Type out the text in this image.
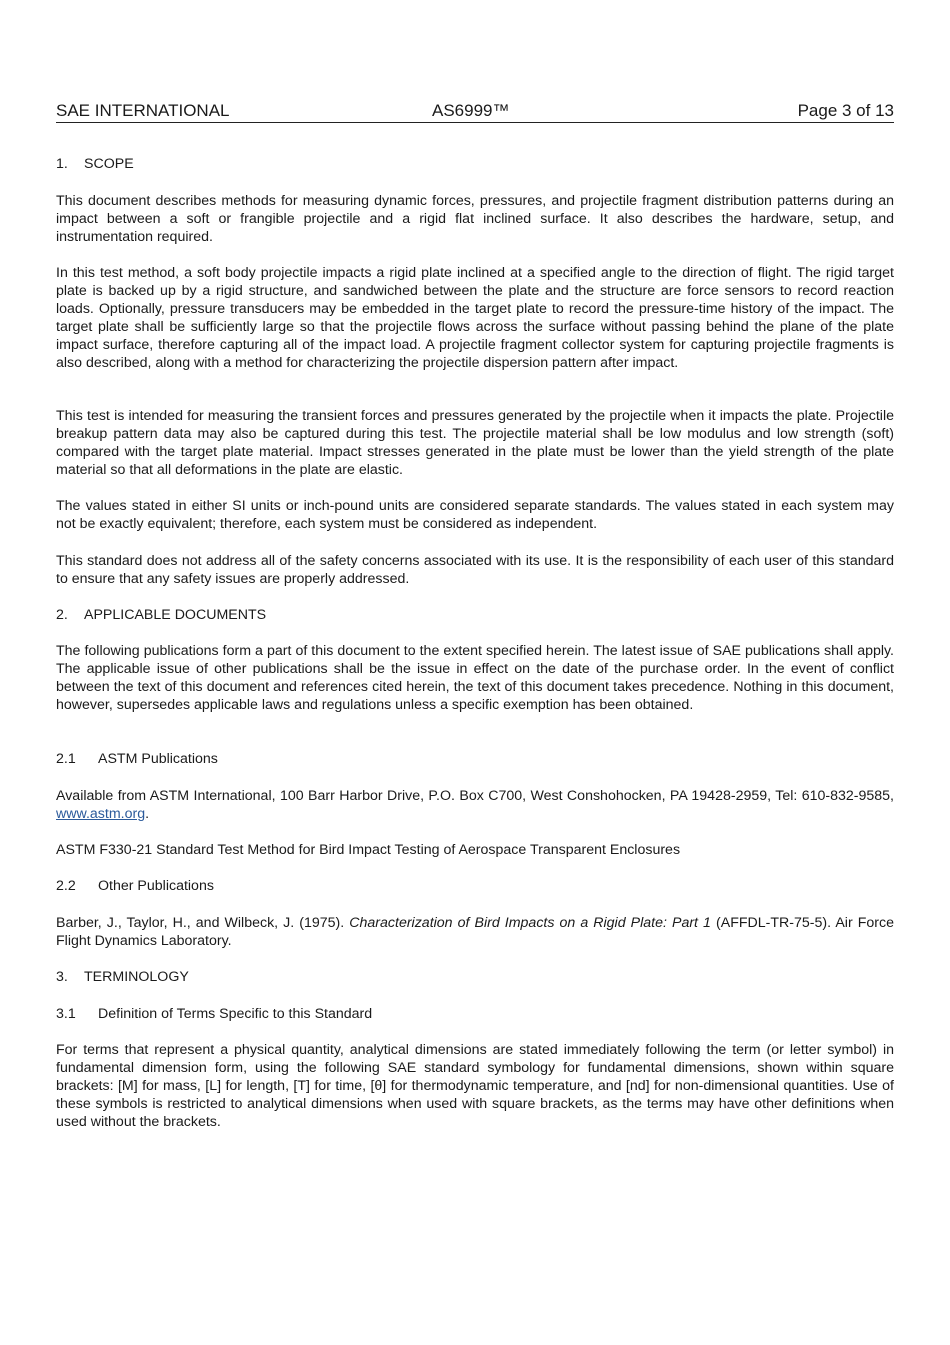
SAE INTERNATIONAL	AS6999™	Page 3 of 13
1. SCOPE

This document describes methods for measuring dynamic forces, pressures, and projectile fragment distribution patterns during an impact between a soft or frangible projectile and a rigid flat inclined surface. It also describes the hardware, setup, and instrumentation required.

In this test method, a soft body projectile impacts a rigid plate inclined at a specified angle to the direction of flight. The rigid target plate is backed up by a rigid structure, and sandwiched between the plate and the structure are force sensors to record reaction loads. Optionally, pressure transducers may be embedded in the target plate to record the pressure-time history of the impact. The target plate shall be sufficiently large so that the projectile flows across the surface without passing behind the plane of the plate impact surface, therefore capturing all of the impact load. A projectile fragment collector system for capturing projectile fragments is also described, along with a method for characterizing the projectile dispersion pattern after impact.

This test is intended for measuring the transient forces and pressures generated by the projectile when it impacts the plate. Projectile breakup pattern data may also be captured during this test. The projectile material shall be low modulus and low strength (soft) compared with the target plate material. Impact stresses generated in the plate must be lower than the yield strength of the plate material so that all deformations in the plate are elastic.

The values stated in either SI units or inch-pound units are considered separate standards. The values stated in each system may not be exactly equivalent; therefore, each system must be considered as independent.

This standard does not address all of the safety concerns associated with its use. It is the responsibility of each user of this standard to ensure that any safety issues are properly addressed.

2. APPLICABLE DOCUMENTS

The following publications form a part of this document to the extent specified herein. The latest issue of SAE publications shall apply. The applicable issue of other publications shall be the issue in effect on the date of the purchase order. In the event of conflict between the text of this document and references cited herein, the text of this document takes precedence. Nothing in this document, however, supersedes applicable laws and regulations unless a specific exemption has been obtained.

2.1 ASTM Publications

Available from ASTM International, 100 Barr Harbor Drive, P.O. Box C700, West Conshohocken, PA 19428-2959, Tel: 610-832-9585, www.astm.org.

ASTM F330-21 Standard Test Method for Bird Impact Testing of Aerospace Transparent Enclosures

2.2 Other Publications

Barber, J., Taylor, H., and Wilbeck, J. (1975). Characterization of Bird Impacts on a Rigid Plate: Part 1 (AFFDL-TR-75-5). Air Force Flight Dynamics Laboratory.

3. TERMINOLOGY
3.1 Definition of Terms Specific to this Standard

For terms that represent a physical quantity, analytical dimensions are stated immediately following the term (or letter symbol) in fundamental dimension form, using the following SAE standard symbology for fundamental dimensions, shown within square brackets: [M] for mass, [L] for length, [T] for time, [θ] for thermodynamic temperature, and [nd] for non-dimensional quantities. Use of these symbols is restricted to analytical dimensions when used with square brackets, as the terms may have other definitions when used without the brackets.
